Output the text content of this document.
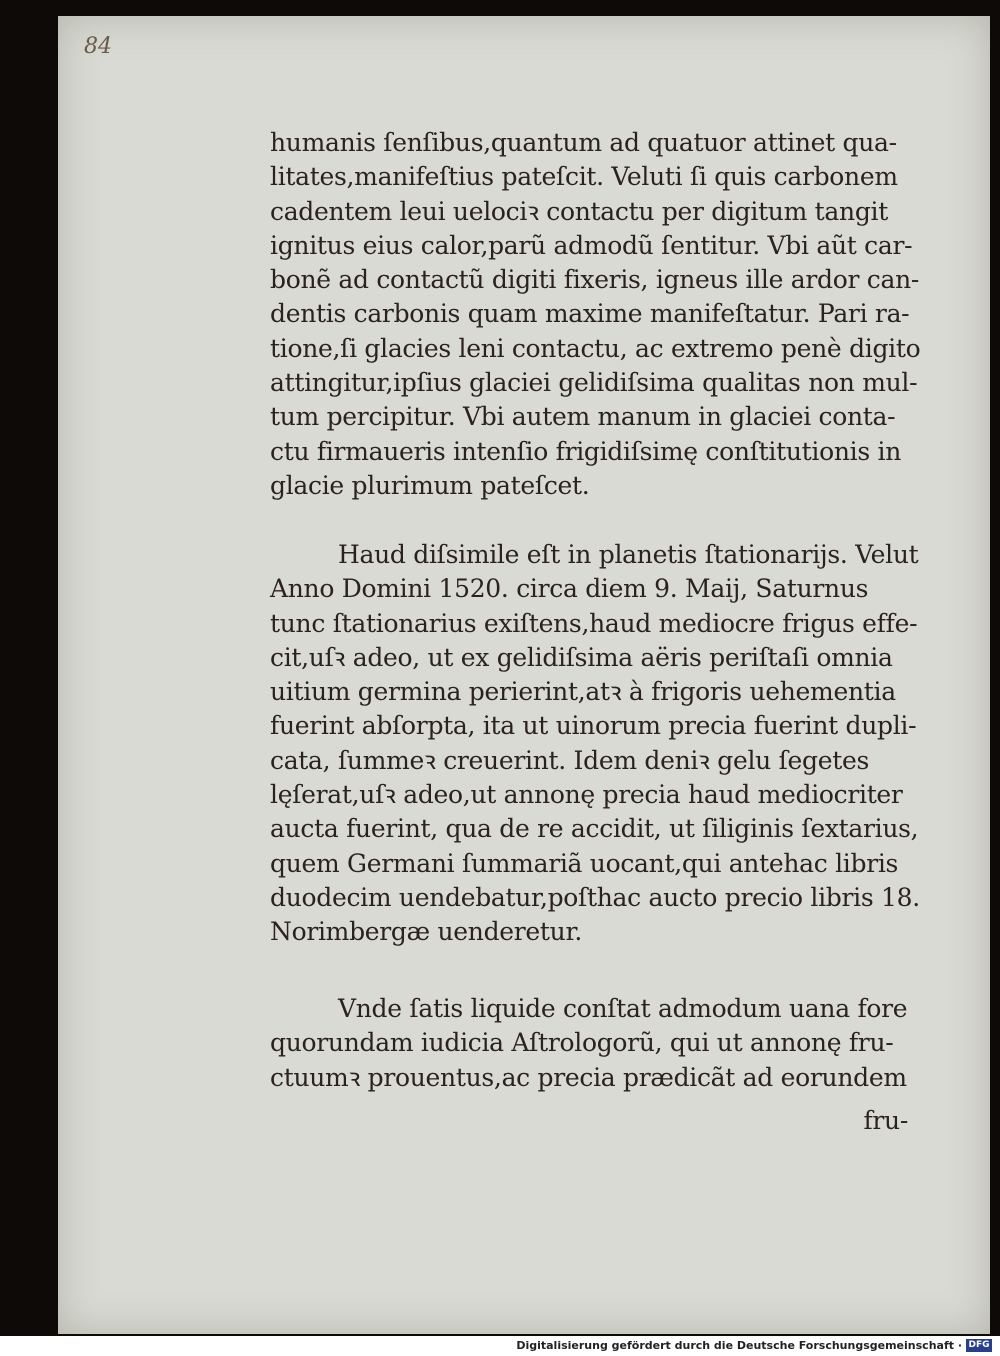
84
humanis ſenſibus,quantum ad quatuor attinet qua-
litates,manifeſtius pateſcit. Veluti ſi quis carbonem
cadentem leui uelociꝛ contactu per digitum tangit
ignitus eius calor,parũ admodũ ſentitur. Vbi aũt car-
bonẽ ad contactũ digiti fixeris, igneus ille ardor can-
dentis carbonis quam maxime manifeſtatur. Pari ra-
tione,ſi glacies leni contactu, ac extremo penè digito
attingitur,ipſius glaciei gelidiſsima qualitas non mul-
tum percipitur. Vbi autem manum in glaciei conta-
ctu firmaueris intenſio frigidiſsimę conſtitutionis in
glacie plurimum pateſcet.
Haud diſsimile eſt in planetis ſtationarijs. Velut
Anno Domini 1520. circa diem 9. Maij, Saturnus
tunc ſtationarius exiſtens,haud mediocre frigus effe-
cit,uſꝛ adeo, ut ex gelidiſsima aëris periſtaſi omnia
uitium germina perierint,atꝛ à frigoris uehementia
fuerint abſorpta, ita ut uinorum precia fuerint dupli-
cata, ſummeꝛ creuerint. Idem deniꝛ gelu ſegetes
lęſerat,uſꝛ adeo,ut annonę precia haud mediocriter
aucta fuerint, qua de re accidit, ut ſiliginis ſextarius,
quem Germani ſummariã uocant,qui antehac libris
duodecim uendebatur,poſthac aucto precio libris 18.
Norimbergæ uenderetur.
Vnde ſatis liquide conſtat admodum uana fore
quorundam iudicia Aſtrologorũ, qui ut annonę fru-
ctuumꝛ prouentus,ac precia prædicãt ad eorundem
fru-
Digitalisierung gefördert durch die Deutsche Forschungsgemeinschaft · DFG
